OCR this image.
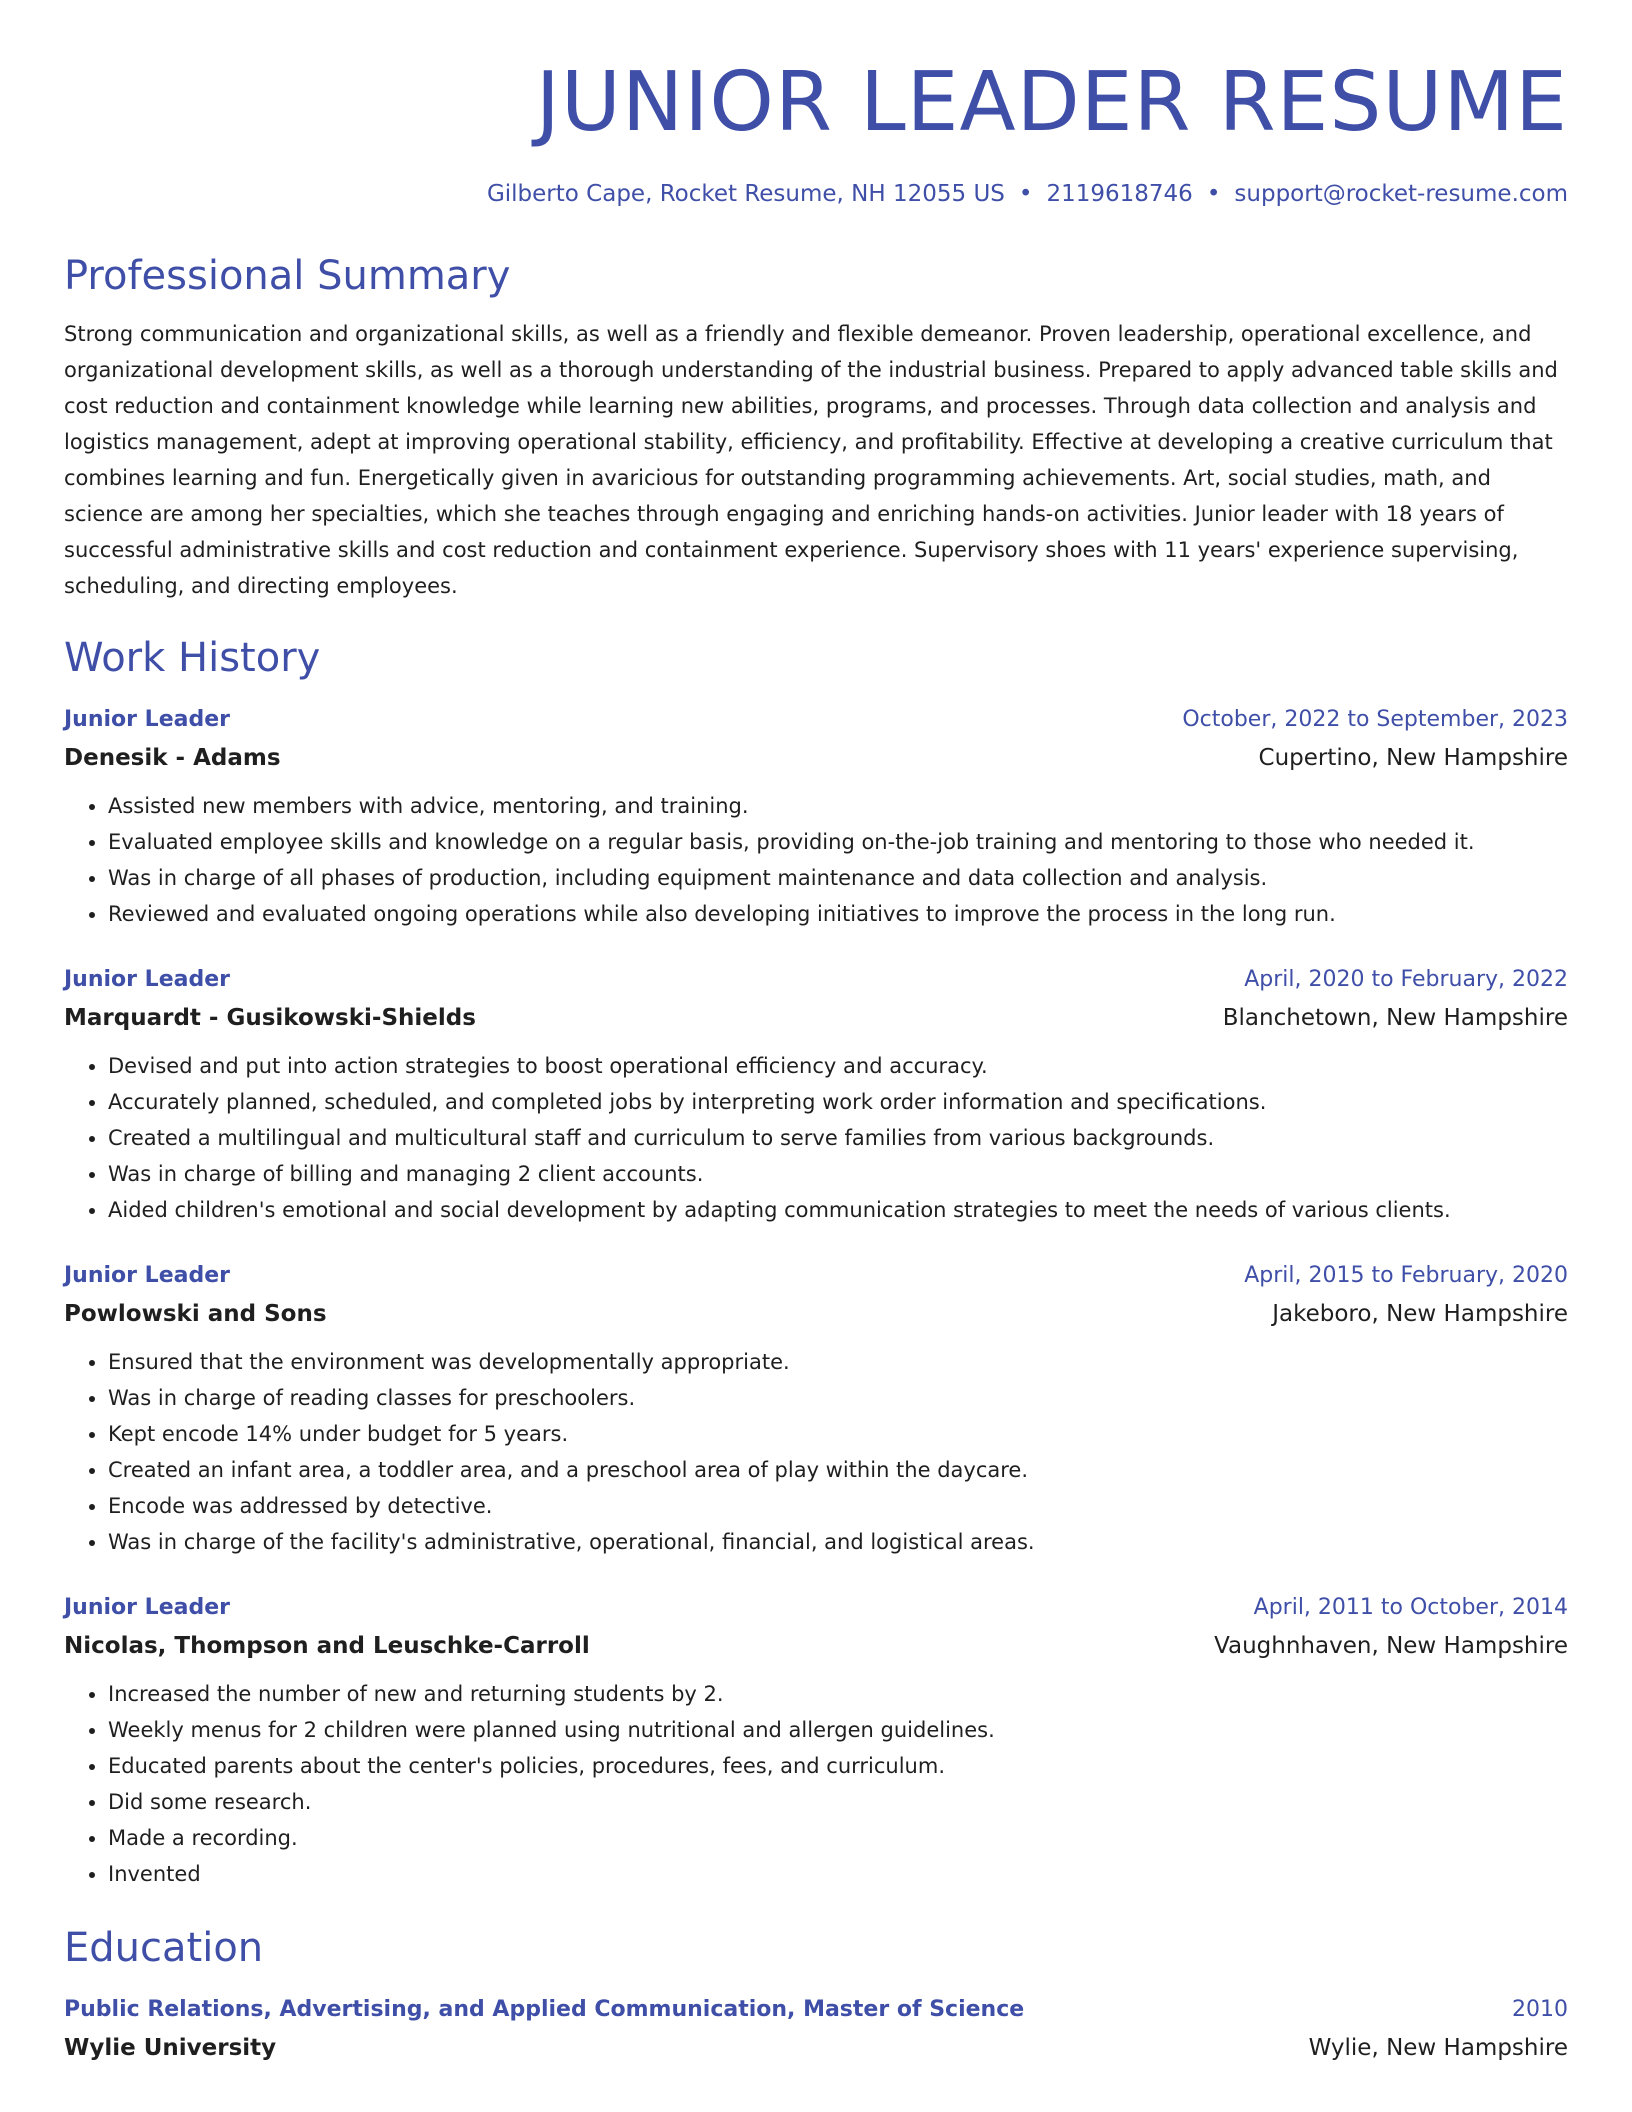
JUNIOR LEADER RESUME
Gilberto Cape, Rocket Resume, NH 12055 US • 2119618746 • support@rocket-resume.com
Professional Summary
Strong communication and organizational skills, as well as a friendly and flexible demeanor. Proven leadership, operational excellence, and organizational development skills, as well as a thorough understanding of the industrial business. Prepared to apply advanced table skills and cost reduction and containment knowledge while learning new abilities, programs, and processes. Through data collection and analysis and logistics management, adept at improving operational stability, efficiency, and profitability. Effective at developing a creative curriculum that combines learning and fun. Energetically given in avaricious for outstanding programming achievements. Art, social studies, math, and science are among her specialties, which she teaches through engaging and enriching hands-on activities. Junior leader with 18 years of successful administrative skills and cost reduction and containment experience. Supervisory shoes with 11 years' experience supervising, scheduling, and directing employees.
Work History
Junior Leader	October, 2022 to September, 2023
Denesik - Adams	Cupertino, New Hampshire
• Assisted new members with advice, mentoring, and training.
• Evaluated employee skills and knowledge on a regular basis, providing on-the-job training and mentoring to those who needed it.
• Was in charge of all phases of production, including equipment maintenance and data collection and analysis.
• Reviewed and evaluated ongoing operations while also developing initiatives to improve the process in the long run.
Junior Leader	April, 2020 to February, 2022
Marquardt - Gusikowski-Shields	Blanchetown, New Hampshire
• Devised and put into action strategies to boost operational efficiency and accuracy.
• Accurately planned, scheduled, and completed jobs by interpreting work order information and specifications.
• Created a multilingual and multicultural staff and curriculum to serve families from various backgrounds.
• Was in charge of billing and managing 2 client accounts.
• Aided children's emotional and social development by adapting communication strategies to meet the needs of various clients.
Junior Leader	April, 2015 to February, 2020
Powlowski and Sons	Jakeboro, New Hampshire
• Ensured that the environment was developmentally appropriate.
• Was in charge of reading classes for preschoolers.
• Kept encode 14% under budget for 5 years.
• Created an infant area, a toddler area, and a preschool area of play within the daycare.
• Encode was addressed by detective.
• Was in charge of the facility's administrative, operational, financial, and logistical areas.
Junior Leader	April, 2011 to October, 2014
Nicolas, Thompson and Leuschke-Carroll	Vaughnhaven, New Hampshire
• Increased the number of new and returning students by 2.
• Weekly menus for 2 children were planned using nutritional and allergen guidelines.
• Educated parents about the center's policies, procedures, fees, and curriculum.
• Did some research.
• Made a recording.
• Invented
Education
Public Relations, Advertising, and Applied Communication, Master of Science	2010
Wylie University	Wylie, New Hampshire
